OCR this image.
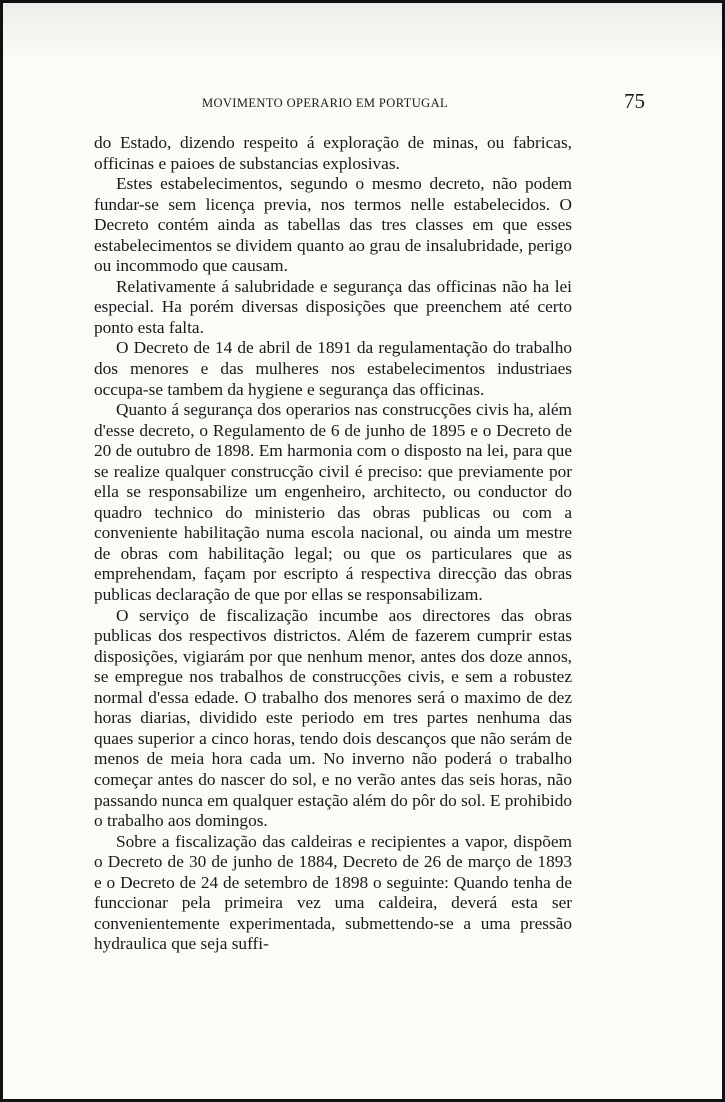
MOVIMENTO OPERARIO EM PORTUGAL	75

do Estado, dizendo respeito á exploração de minas, ou fabricas, officinas e paioes de substancias explosivas.

Estes estabelecimentos, segundo o mesmo decreto, não podem fundar-se sem licença previa, nos termos nelle estabelecidos. O Decreto contém ainda as tabellas das tres classes em que esses estabelecimentos se dividem quanto ao grau de insalubridade, perigo ou incommodo que causam.

Relativamente á salubridade e segurança das officinas não ha lei especial. Ha porém diversas disposições que preenchem até certo ponto esta falta.

O Decreto de 14 de abril de 1891 da regulamentação do trabalho dos menores e das mulheres nos estabelecimentos industriaes occupa-se tambem da hygiene e segurança das officinas.

Quanto á segurança dos operarios nas construcções civis ha, além d'esse decreto, o Regulamento de 6 de junho de 1895 e o Decreto de 20 de outubro de 1898. Em harmonia com o disposto na lei, para que se realize qualquer construcção civil é preciso: que previamente por ella se responsabilize um engenheiro, architecto, ou conductor do quadro technico do ministerio das obras publicas ou com a conveniente habilitação numa escola nacional, ou ainda um mestre de obras com habilitação legal; ou que os particulares que as emprehendam, façam por escripto á respectiva direcção das obras publicas declaração de que por ellas se responsabilizam.

O serviço de fiscalização incumbe aos directores das obras publicas dos respectivos districtos. Além de fazerem cumprir estas disposições, vigiarám por que nenhum menor, antes dos doze annos, se empregue nos trabalhos de construcções civis, e sem a robustez normal d'essa edade. O trabalho dos menores será o maximo de dez horas diarias, dividido este periodo em tres partes nenhuma das quaes superior a cinco horas, tendo dois descanços que não serám de menos de meia hora cada um. No inverno não poderá o trabalho começar antes do nascer do sol, e no verão antes das seis horas, não passando nunca em qualquer estação além do pôr do sol. E prohibido o trabalho aos domingos.

Sobre a fiscalização das caldeiras e recipientes a vapor, dispõem o Decreto de 30 de junho de 1884, Decreto de 26 de março de 1893 e o Decreto de 24 de setembro de 1898 o seguinte: Quando tenha de funccionar pela primeira vez uma caldeira, deverá esta ser convenientemente experimentada, submettendo-se a uma pressão hydraulica que seja suffi-
